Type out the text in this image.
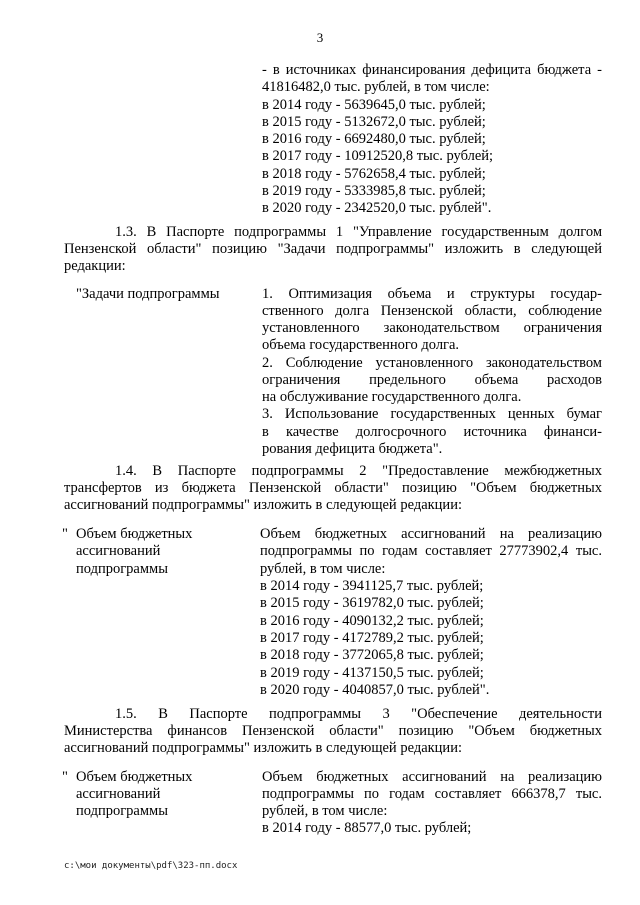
3
- в источниках финансирования дефицита бюджета -
41816482,0 тыс. рублей, в том числе:
в 2014 году - 5639645,0 тыс. рублей;
в 2015 году - 5132672,0 тыс. рублей;
в 2016 году - 6692480,0 тыс. рублей;
в 2017 году - 10912520,8 тыс. рублей;
в 2018 году - 5762658,4 тыс. рублей;
в 2019 году - 5333985,8 тыс. рублей;
в 2020 году - 2342520,0 тыс. рублей".
1.3. В Паспорте подпрограммы 1 "Управление государственным долгом
Пензенской области" позицию "Задачи подпрограммы" изложить в следующей
редакции:
"Задачи подпрограммы	1. Оптимизация объема и структуры государ-
ственного долга Пензенской области, соблюдение
установленного законодательством ограничения
объема государственного долга.
2. Соблюдение установленного законодательством
ограничения предельного объема расходов
на обслуживание государственного долга.
3. Использование государственных ценных бумаг
в качестве долгосрочного источника финанси-
рования дефицита бюджета".
1.4. В Паспорте подпрограммы 2 "Предоставление межбюджетных
трансфертов из бюджета Пензенской области" позицию "Объем бюджетных
ассигнований подпрограммы" изложить в следующей редакции:
" Объем бюджетных
ассигнований
подпрограммы
Объем бюджетных ассигнований на реализацию
подпрограммы по годам составляет 27773902,4 тыс.
рублей, в том числе:
в 2014 году - 3941125,7 тыс. рублей;
в 2015 году - 3619782,0 тыс. рублей;
в 2016 году - 4090132,2 тыс. рублей;
в 2017 году - 4172789,2 тыс. рублей;
в 2018 году - 3772065,8 тыс. рублей;
в 2019 году - 4137150,5 тыс. рублей;
в 2020 году - 4040857,0 тыс. рублей".
1.5. В Паспорте подпрограммы 3 "Обеспечение деятельности
Министерства финансов Пензенской области" позицию "Объем бюджетных
ассигнований подпрограммы" изложить в следующей редакции:
" Объем бюджетных
ассигнований
подпрограммы
Объем бюджетных ассигнований на реализацию
подпрограммы по годам составляет 666378,7 тыс.
рублей, в том числе:
в 2014 году - 88577,0 тыс. рублей;
c:\мои документы\pdf\323-пп.docx
